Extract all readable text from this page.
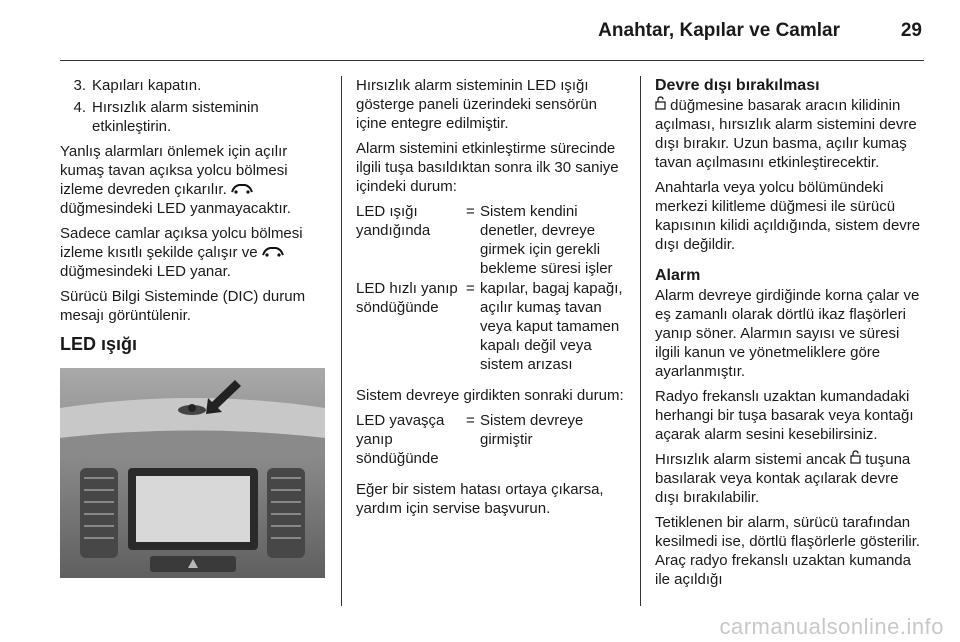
Anahtar, Kapılar ve Camlar	29
3. Kapıları kapatın.
4. Hırsızlık alarm sisteminin etkinleştirin.

Yanlış alarmları önlemek için açılır kumaş tavan açıksa yolcu bölmesi izleme devreden çıkarılır.  düğmesindeki LED yanmayacaktır.

Sadece camlar açıksa yolcu bölmesi izleme kısıtlı şekilde çalışır ve  düğmesindeki LED yanar.

Sürücü Bilgi Sisteminde (DIC) durum mesajı görüntülenir.

LED ışığı

Hırsızlık alarm sisteminin LED ışığı gösterge paneli üzerindeki sensörün içine entegre edilmiştir.

Alarm sistemini etkinleştirme sürecinde ilgili tuşa basıldıktan sonra ilk 30 saniye içindeki durum:

LED ışığı yandığında
= Sistem kendini denetler, devreye girmek için gerekli bekleme süresi işler
LED hızlı yanıp söndüğünde
= kapılar, bagaj kapağı, açılır kumaş tavan veya kaput tamamen kapalı değil veya sistem arızası

Sistem devreye girdikten sonraki durum:

LED yavaşça yanıp söndüğünde
= Sistem devreye girmiştir

Eğer bir sistem hatası ortaya çıkarsa, yardım için servise başvurun.

Devre dışı bırakılması

düğmesine basarak aracın kilidinin açılması, hırsızlık alarm sistemini devre dışı bırakır. Uzun basma, açılır kumaş tavan açılmasını etkinleştirecektir.

Anahtarla veya yolcu bölümündeki merkezi kilitleme düğmesi ile sürücü kapısının kilidi açıldığında, sistem devre dışı değildir.

Alarm

Alarm devreye girdiğinde korna çalar ve eş zamanlı olarak dörtlü ikaz flaşörleri yanıp söner. Alarmın sayısı ve süresi ilgili kanun ve yönetmeliklere göre ayarlanmıştır.

Radyo frekanslı uzaktan kumandadaki herhangi bir tuşa basarak veya kontağı açarak alarm sesini kesebilirsiniz.

Hırsızlık alarm sistemi ancak tuşuna basılarak veya kontak açılarak devre dışı bırakılabilir.

Tetiklenen bir alarm, sürücü tarafından kesilmedi ise, dörtlü flaşörlerle gösterilir. Araç radyo frekanslı uzaktan kumanda ile açıldığı

carmanualsonline.info
